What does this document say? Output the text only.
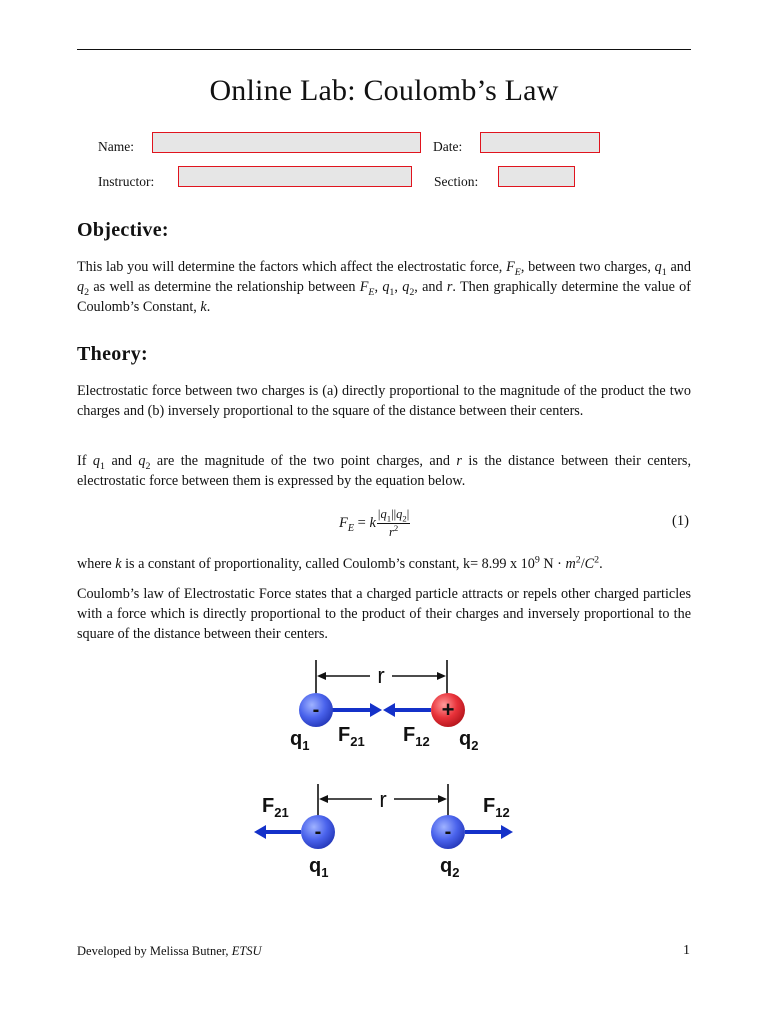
Online Lab: Coulomb’s Law
Name:	Date:
Instructor:	Section:
Objective:

This lab you will determine the factors which affect the electrostatic force, $F_E$, between two charges, $q_1$ and $q_2$ as well as determine the relationship between $F_E$, $q_1$, $q_2$, and r. Then graphically determine the value of Coulomb’s Constant, k.

Theory:

Electrostatic force between two charges is (a) directly proportional to the magnitude of the product the two charges and (b) inversely proportional to the square of the distance between their centers.

If $q_1$ and $q_2$ are the magnitude of the two point charges, and r is the distance between their centers, electrostatic force between them is expressed by the equation below.

$F_E = k \frac{|q_1||q_2|}{r^2}$	(1)

where k is a constant of proportionality, called Coulomb’s constant, k= 8.99 x $10^9$ $N \cdot m^2/C^2$.

Coulomb’s law of Electrostatic Force states that a charged particle attracts or repels other charged particles with a force which is directly proportional to the product of their charges and inversely proportional to the square of the distance between their centers.

r
-	+
$q_1$ $F_{21}$ $F_{12}$ $q_2$
r
-	-
$F_{21}$	$F_{12}$
$q_1$	$q_2$
Developed by Melissa Butner, ETSU	1
